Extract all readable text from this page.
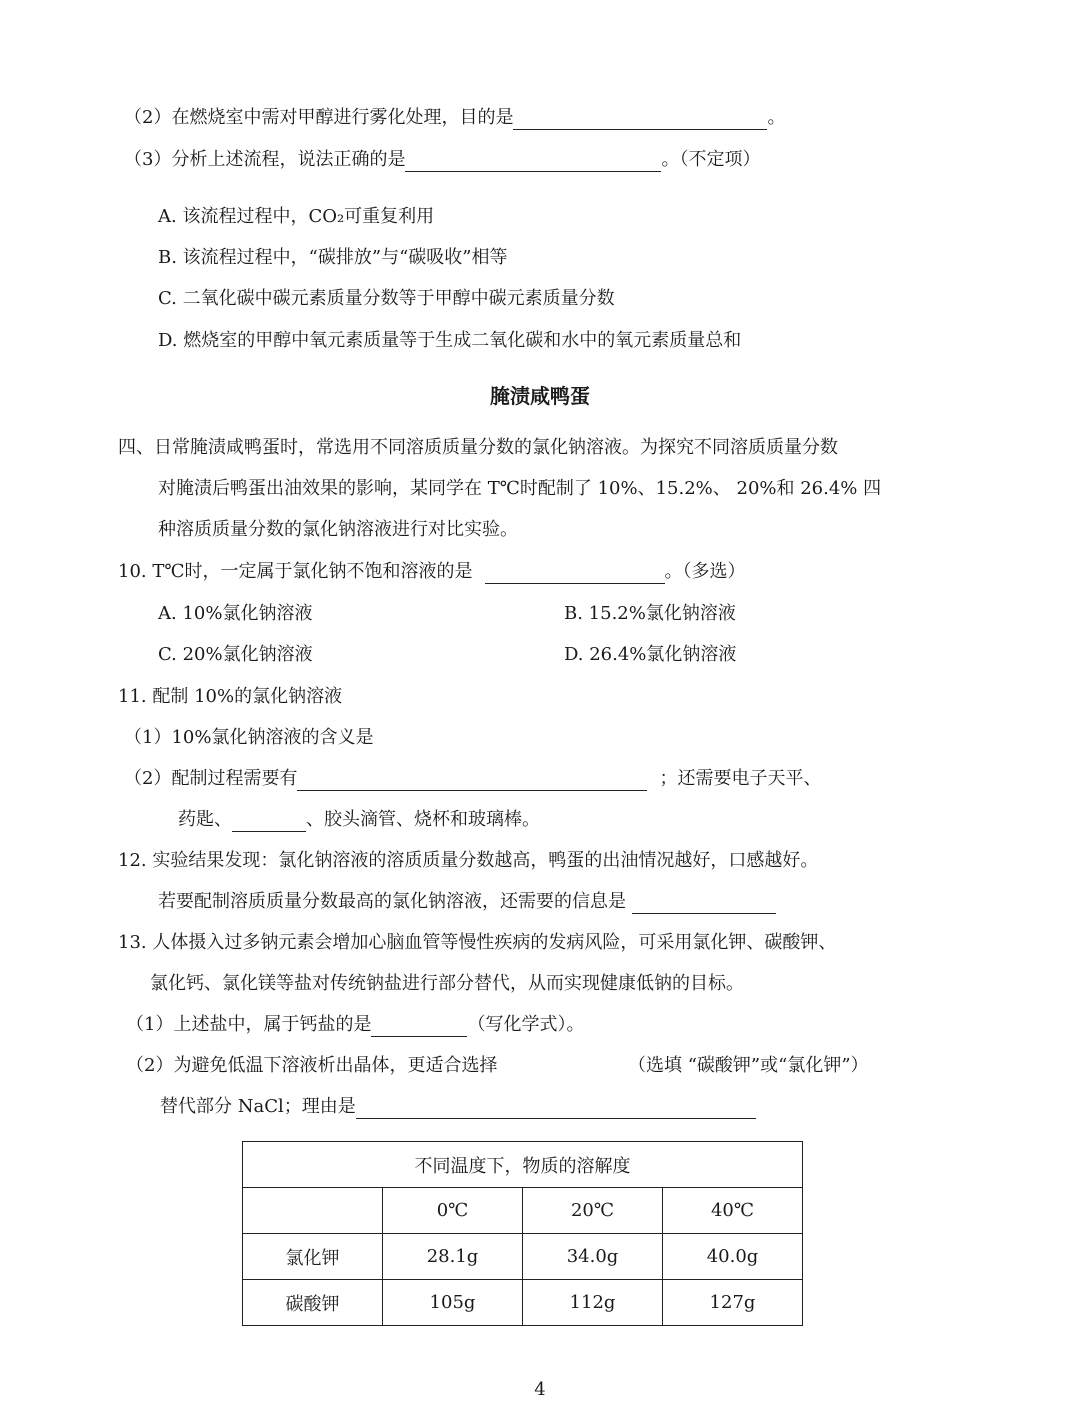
（2）在燃烧室中需对甲醇进行雾化处理，目的是	。
（3）分析上述流程，说法正确的是	。（不定项）
A. 该流程过程中，CO₂可重复利用
B. 该流程过程中，“碳排放”与“碳吸收”相等
C. 二氧化碳中碳元素质量分数等于甲醇中碳元素质量分数
D. 燃烧室的甲醇中氧元素质量等于生成二氧化碳和水中的氧元素质量总和
腌渍咸鸭蛋
四、日常腌渍咸鸭蛋时，常选用不同溶质质量分数的氯化钠溶液。为探究不同溶质质量分数
对腌渍后鸭蛋出油效果的影响，某同学在 T℃时配制了 10%、15.2%、 20%和 26.4% 四
种溶质质量分数的氯化钠溶液进行对比实验。
10. T℃时，一定属于氯化钠不饱和溶液的是	。（多选）
A. 10%氯化钠溶液	B. 15.2%氯化钠溶液
C. 20%氯化钠溶液	D. 26.4%氯化钠溶液
11. 配制 10%的氯化钠溶液
（1）10%氯化钠溶液的含义是
（2）配制过程需要有	；还需要电子天平、
药匙、	、胶头滴管、烧杯和玻璃棒。
12. 实验结果发现：氯化钠溶液的溶质质量分数越高，鸭蛋的出油情况越好，口感越好。
若要配制溶质质量分数最高的氯化钠溶液，还需要的信息是
13. 人体摄入过多钠元素会增加心脑血管等慢性疾病的发病风险，可采用氯化钾、碳酸钾、
氯化钙、氯化镁等盐对传统钠盐进行部分替代，从而实现健康低钠的目标。
（1）上述盐中，属于钙盐的是	（写化学式）。
（2）为避免低温下溶液析出晶体，更适合选择	（选填 “碳酸钾”或“氯化钾”）
替代部分 NaCl；理由是
不同温度下，物质的溶解度			
	0℃	20℃	40℃
氯化钾	28.1g	34.0g	40.0g
碳酸钾	105g	112g	127g
4
